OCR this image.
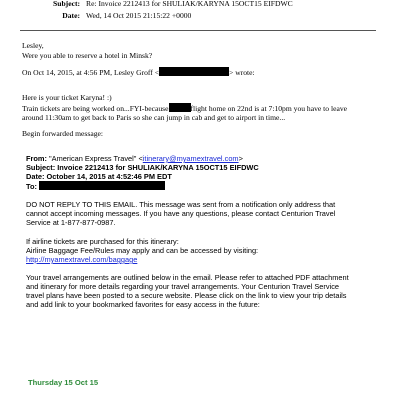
Subject: Re: Invoice 2212413 for SHULIAK/KARYNA 15OCT15 EIFDWC
Date: Wed, 14 Oct 2015 21:15:22 +0000
Lesley,
Were you able to reserve a hotel in Minsk?
On Oct 14, 2015, at 4:56 PM, Lesley Groff <	> wrote:
Here is your ticket Karyna! :)
Train tickets are being worked on...FYI-because	flight home on 22nd is at 7:10pm you have to leave
around 11:30am to get back to Paris so she can jump in cab and get to airport in time...
Begin forwarded message:
From: "American Express Travel" <itinerary@myamextravel.com>
Subject: Invoice 2212413 for SHULIAK/KARYNA 15OCT15 EIFDWC
Date: October 14, 2015 at 4:52:46 PM EDT
To:
DO NOT REPLY TO THIS EMAIL. This message was sent from a notification only address that
cannot accept incoming messages. If you have any questions, please contact Centurion Travel
Service at 1-877-877-0987.
If airline tickets are purchased for this itinerary:
Airline Baggage Fee/Rules may apply and can be accessed by visiting:
http://myamextravel.com/baggage
Your travel arrangements are outlined below in the email. Please refer to attached PDF attachment
and itinerary for more details regarding your travel arrangements. Your Centurion Travel Service
travel plans have been posted to a secure website. Please click on the link to view your trip details
and add link to your bookmarked favorites for easy access in the future:
Thursday 15 Oct 15
